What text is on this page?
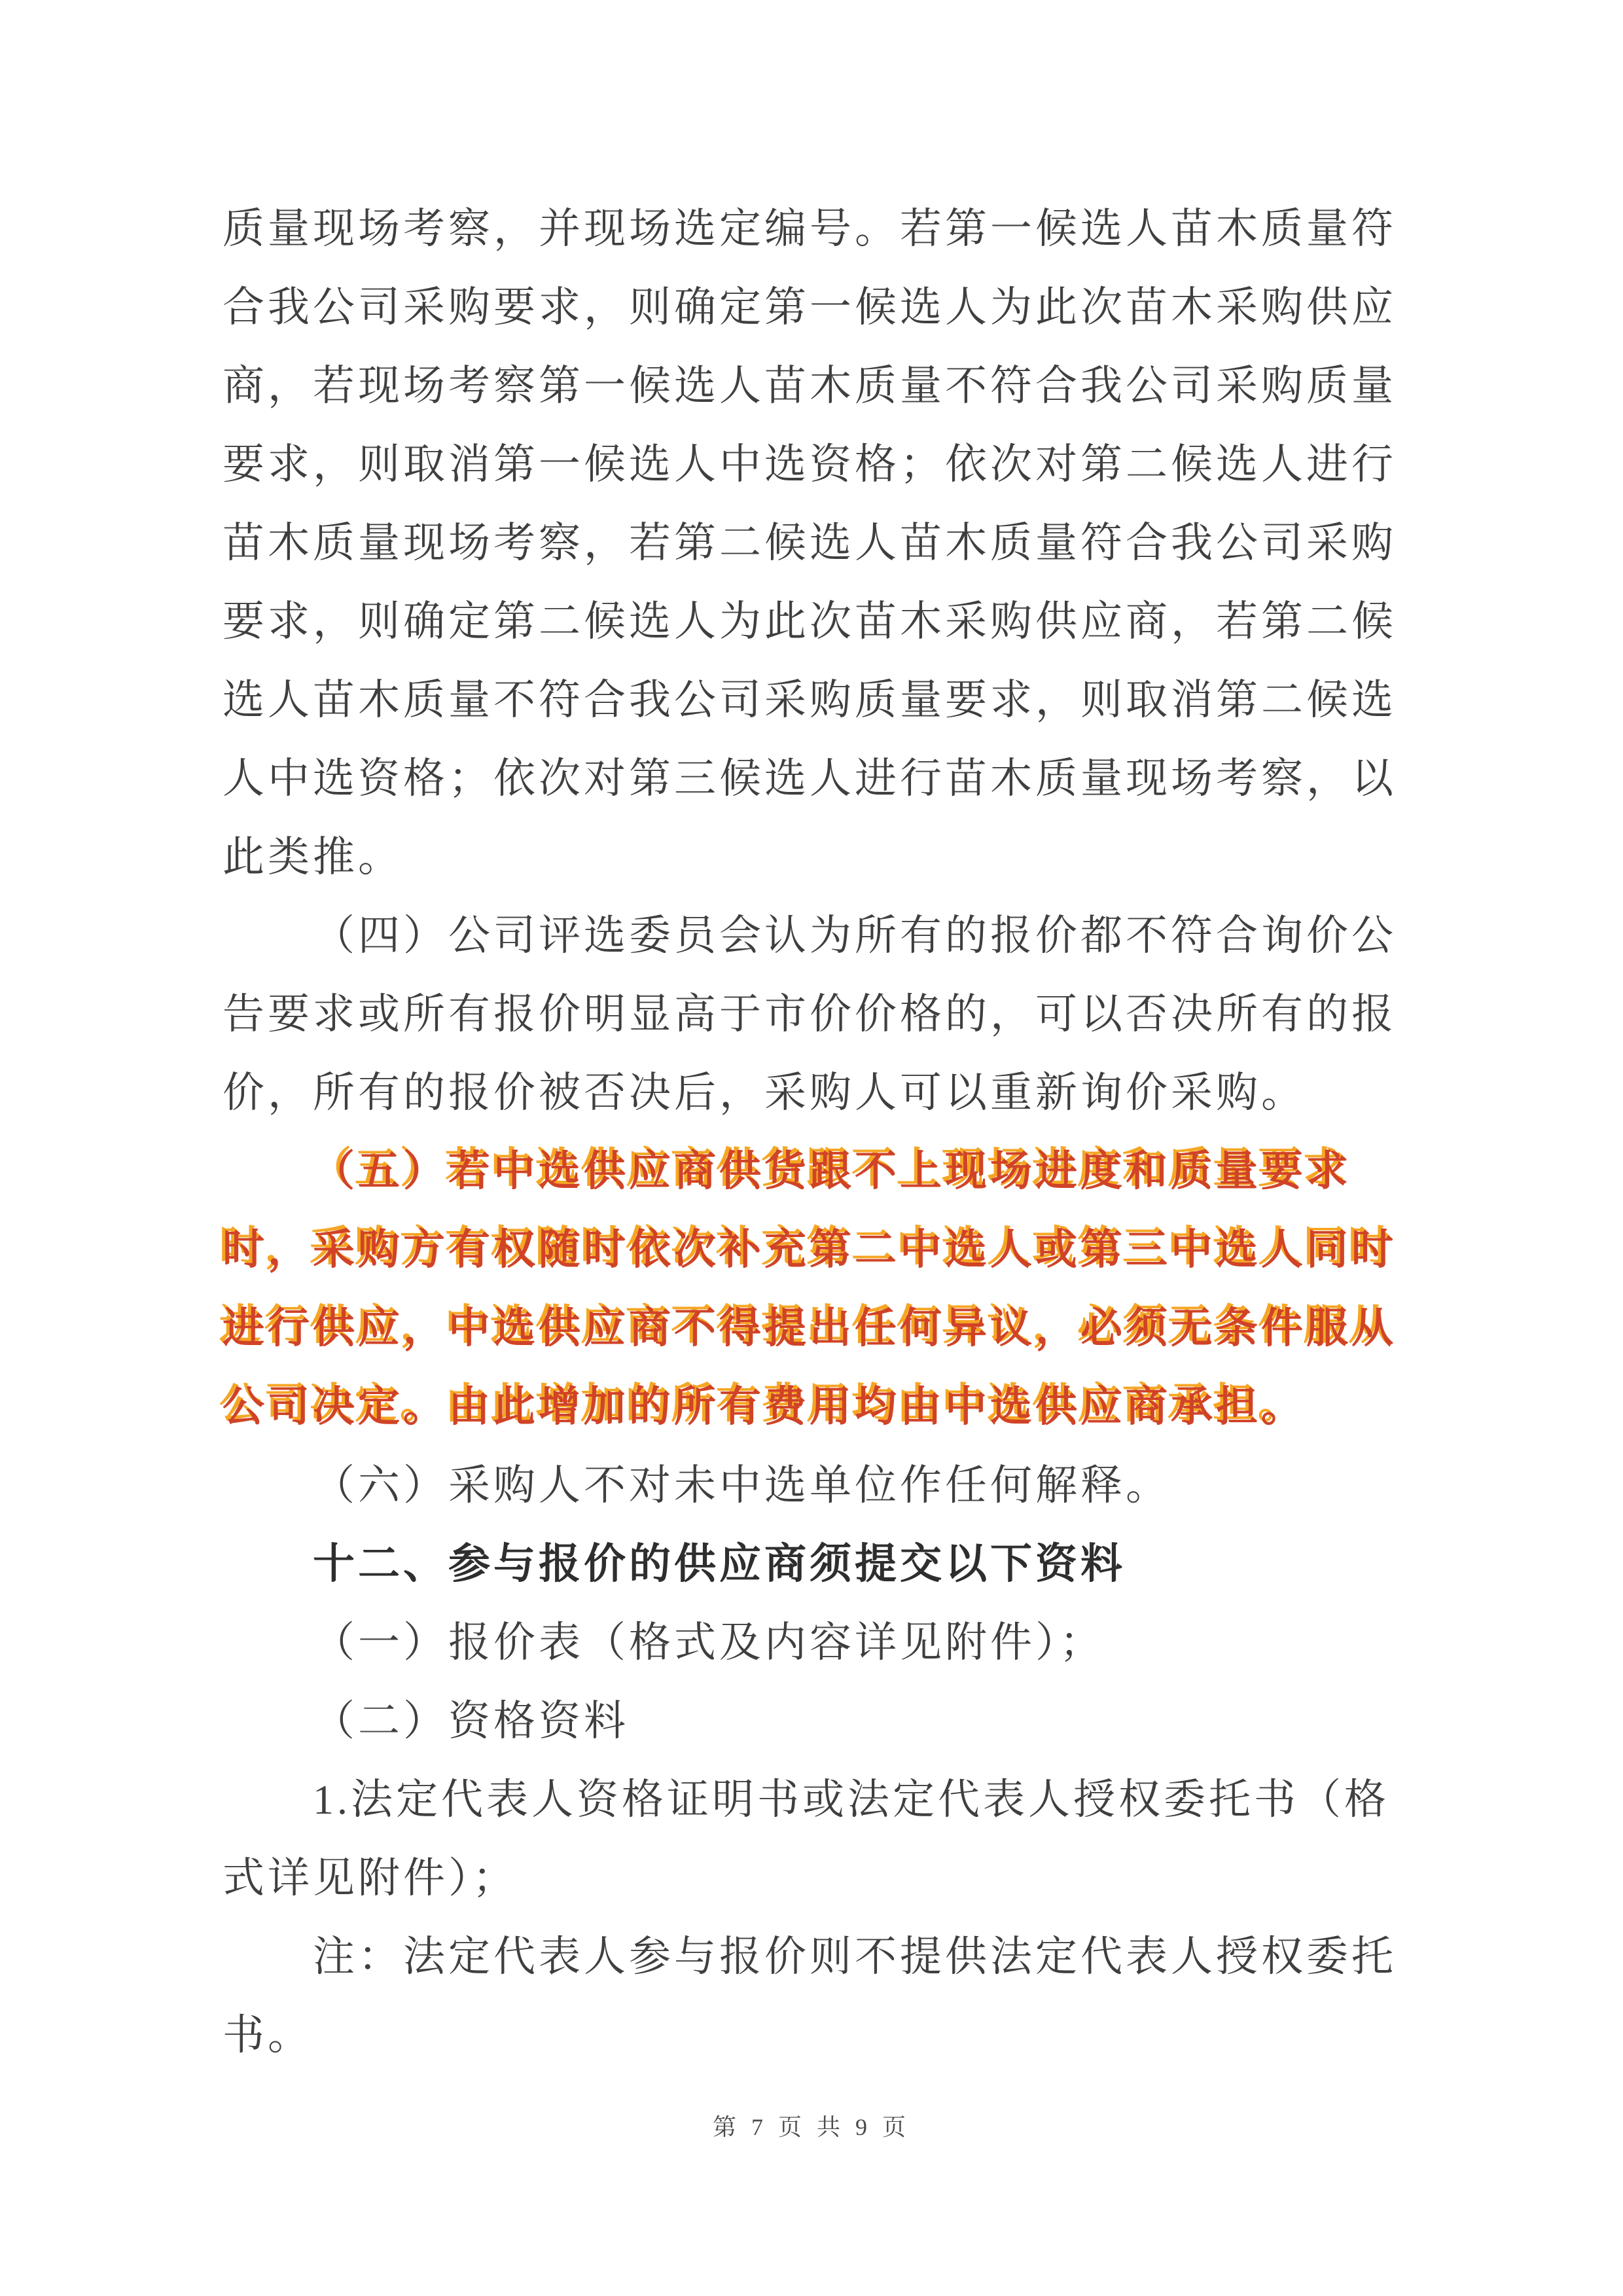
质量现场考察，并现场选定编号。若第一候选人苗木质量符
合我公司采购要求，则确定第一候选人为此次苗木采购供应
商，若现场考察第一候选人苗木质量不符合我公司采购质量
要求，则取消第一候选人中选资格；依次对第二候选人进行
苗木质量现场考察，若第二候选人苗木质量符合我公司采购
要求，则确定第二候选人为此次苗木采购供应商，若第二候
选人苗木质量不符合我公司采购质量要求，则取消第二候选
人中选资格；依次对第三候选人进行苗木质量现场考察，以
此类推。
（四）公司评选委员会认为所有的报价都不符合询价公
告要求或所有报价明显高于市价价格的，可以否决所有的报
价，所有的报价被否决后，采购人可以重新询价采购。
（五）若中选供应商供货跟不上现场进度和质量要求
时，采购方有权随时依次补充第二中选人或第三中选人同时
进行供应，中选供应商不得提出任何异议，必须无条件服从
公司决定。由此增加的所有费用均由中选供应商承担。
（六）采购人不对未中选单位作任何解释。
十二、参与报价的供应商须提交以下资料
（一）报价表（格式及内容详见附件）；
（二）资格资料
1.法定代表人资格证明书或法定代表人授权委托书（格
式详见附件）；
注：法定代表人参与报价则不提供法定代表人授权委托
书。
第 7 页 共 9 页
